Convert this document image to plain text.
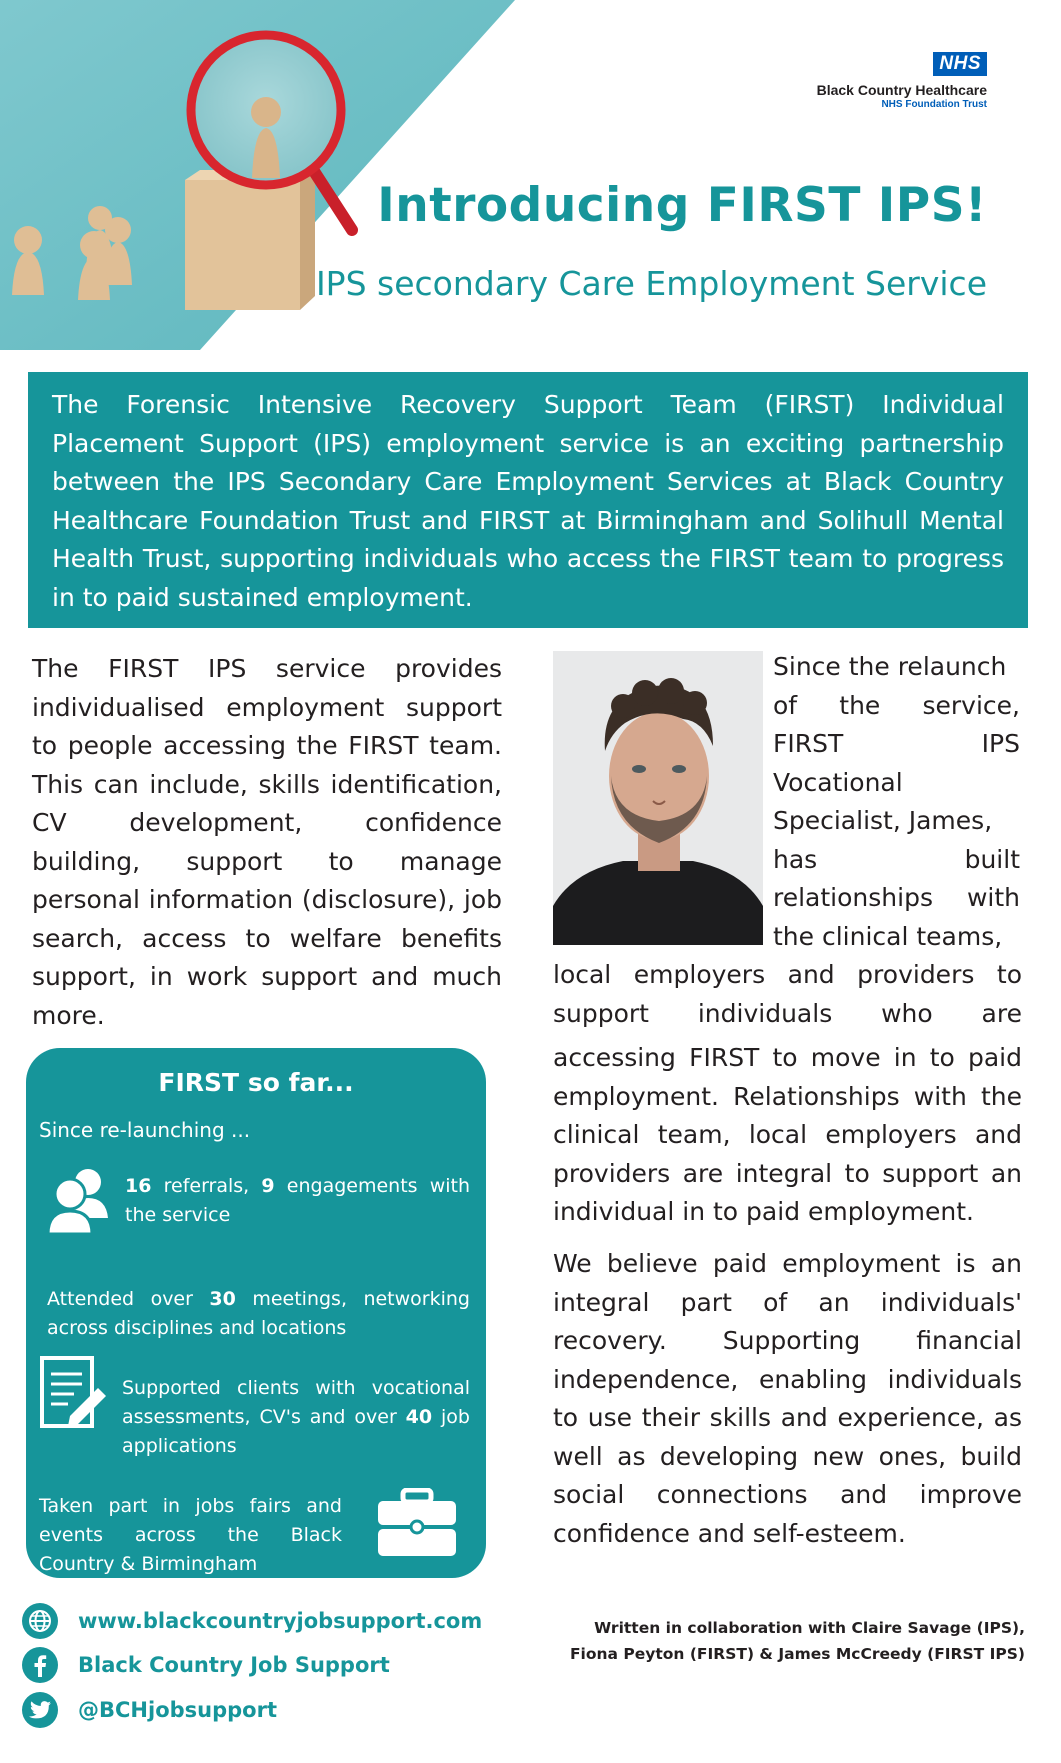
NHS
Black Country Healthcare
NHS Foundation Trust
Introducing FIRST IPS!
IPS secondary Care Employment Service

The Forensic Intensive Recovery Support Team (FIRST) Individual Placement Support (IPS) employment service is an exciting partnership between the IPS Secondary Care Employment Services at Black Country Healthcare Foundation Trust and FIRST at Birmingham and Solihull Mental Health Trust, supporting individuals who access the FIRST team to progress in to paid sustained employment.

The FIRST IPS service provides individualised employment support to people accessing the FIRST team. This can include, skills identification, CV development, confidence building, support to manage personal information (disclosure), job search, access to welfare benefits support, in work support and much more.

FIRST so far...
Since re-launching ...
16 referrals, 9 engagements with the service
Attended over 30 meetings, networking across disciplines and locations
Supported clients with vocational assessments, CV's and over 40 job applications
Taken part in jobs fairs and events across the Black Country & Birmingham
Since the relaunch
of the service,
FIRST IPS
Vocational
Specialist, James,
has built
relationships with
the clinical teams,

local employers and providers to support individuals who are

accessing FIRST to move in to paid employment. Relationships with the clinical team, local employers and providers are integral to support an individual in to paid employment.

We believe paid employment is an integral part of an individuals' recovery. Supporting financial independence, enabling individuals to use their skills and experience, as well as developing new ones, build social connections and improve confidence and self-esteem.

Written in collaboration with Claire Savage (IPS),
Fiona Peyton (FIRST) & James McCreedy (FIRST IPS)
www.blackcountryjobsupport.com
Black Country Job Support
@BCHjobsupport
